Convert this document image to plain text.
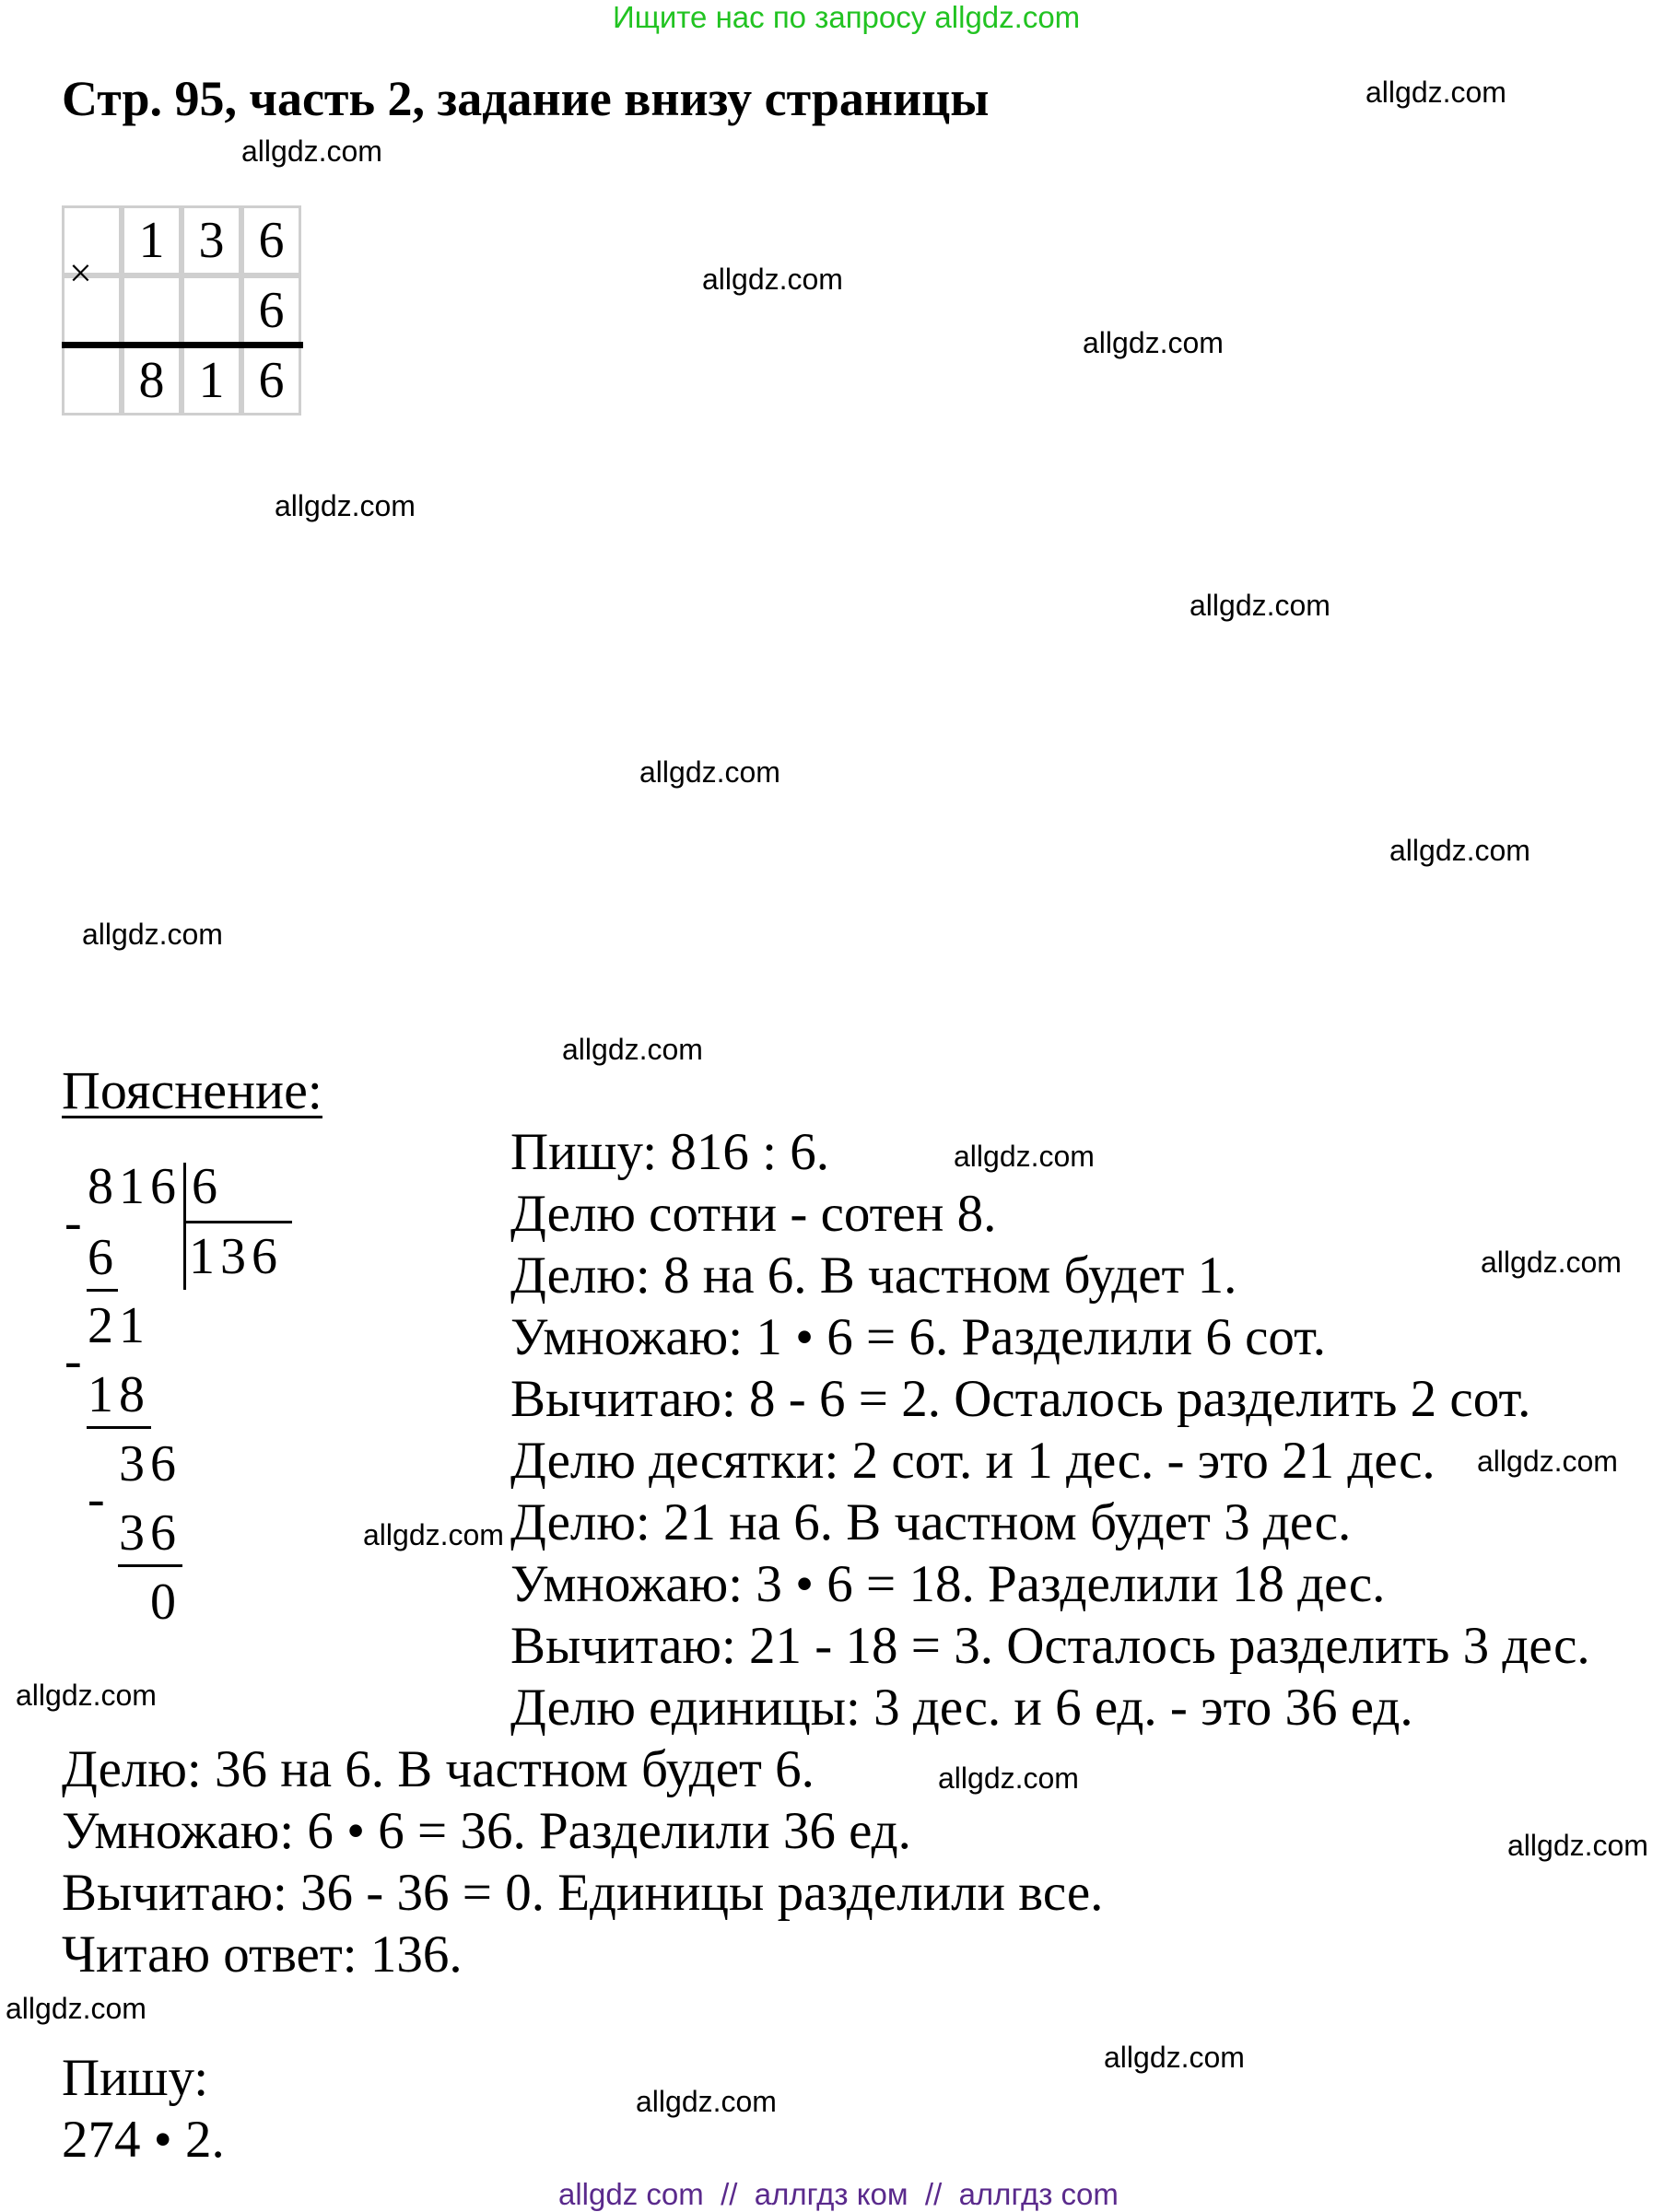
Ищите нас по запросу allgdz.com
Стр. 95, часть 2, задание внизу страницы
1 3 6
6
8 1 6
×
Пояснение:
816 6
136
-
6
21
-
18
36
-
36
0
Пишу: 816 : 6.
Делю сотни - сотен 8.
Делю: 8 на 6. В частном будет 1.
Умножаю: 1 • 6 = 6. Разделили 6 сот.
Вычитаю: 8 - 6 = 2. Осталось разделить 2 сот.
Делю десятки: 2 сот. и 1 дес. - это 21 дес.
Делю: 21 на 6. В частном будет 3 дес.
Умножаю: 3 • 6 = 18. Разделили 18 дес.
Вычитаю: 21 - 18 = 3. Осталось разделить 3 дес.
Делю единицы: 3 дес. и 6 ед. - это 36 ед.
Делю: 36 на 6. В частном будет 6.
Умножаю: 6 • 6 = 36. Разделили 36 ед.
Вычитаю: 36 - 36 = 0. Единицы разделили все.
Читаю ответ: 136.
Пишу:
274 • 2.
allgdz.com
allgdz.com
allgdz.com
allgdz.com
allgdz.com
allgdz.com
allgdz.com
allgdz.com
allgdz.com
allgdz.com
allgdz.com
allgdz.com
allgdz.com
allgdz.com
allgdz.com
allgdz.com
allgdz.com
allgdz.com
allgdz.com
allgdz.com
allgdz com  //  аллгдз ком  //  аллгдз com
